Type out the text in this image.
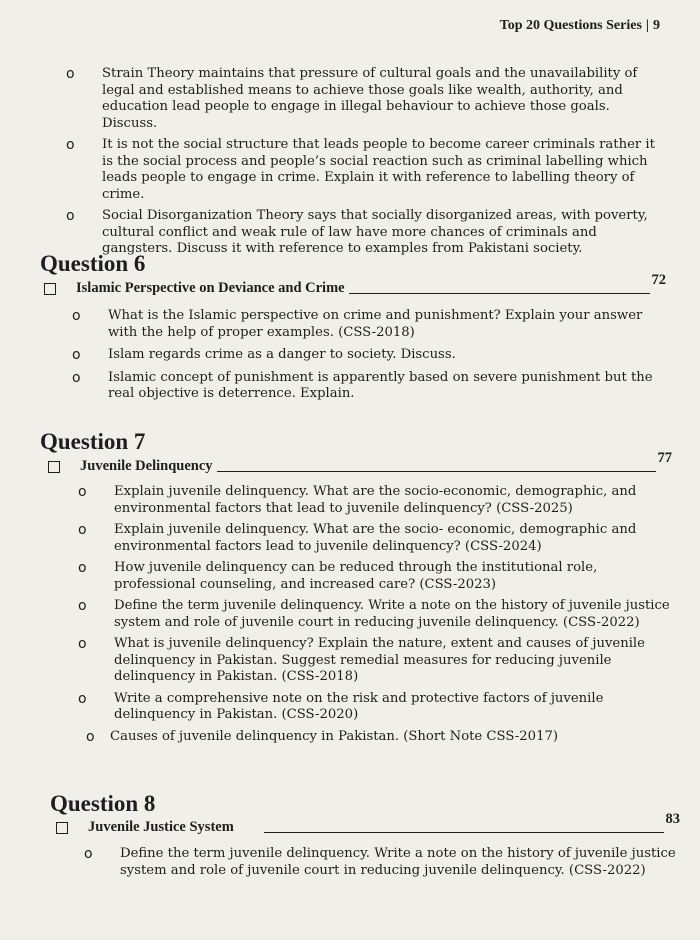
Top 20 Questions Series | 9
o Strain Theory maintains that pressure of cultural goals and the unavailability of legal and established means to achieve those goals like wealth, authority, and education lead people to engage in illegal behaviour to achieve those goals. Discuss.
o It is not the social structure that leads people to become career criminals rather it is the social process and people’s social reaction such as criminal labelling which leads people to engage in crime. Explain it with reference to labelling theory of crime.
o Social Disorganization Theory says that socially disorganized areas, with poverty, cultural conflict and weak rule of law have more chances of criminals and gangsters. Discuss it with reference to examples from Pakistani society.
Question 6
Islamic Perspective on Deviance and Crime	72
o What is the Islamic perspective on crime and punishment? Explain your answer with the help of proper examples. (CSS-2018)
o Islam regards crime as a danger to society. Discuss.
o Islamic concept of punishment is apparently based on severe punishment but the real objective is deterrence. Explain.
Question 7
Juvenile Delinquency	77
o Explain juvenile delinquency. What are the socio-economic, demographic, and environmental factors that lead to juvenile delinquency? (CSS-2025)
o Explain juvenile delinquency. What are the socio- economic, demographic and environmental factors lead to juvenile delinquency? (CSS-2024)
o How juvenile delinquency can be reduced through the institutional role, professional counseling, and increased care? (CSS-2023)
o Define the term juvenile delinquency. Write a note on the history of juvenile justice system and role of juvenile court in reducing juvenile delinquency. (CSS-2022)
o What is juvenile delinquency? Explain the nature, extent and causes of juvenile delinquency in Pakistan. Suggest remedial measures for reducing juvenile delinquency in Pakistan. (CSS-2018)
o Write a comprehensive note on the risk and protective factors of juvenile delinquency in Pakistan. (CSS-2020)
o Causes of juvenile delinquency in Pakistan. (Short Note CSS-2017)
Question 8
Juvenile Justice System	83
o Define the term juvenile delinquency. Write a note on the history of juvenile justice system and role of juvenile court in reducing juvenile delinquency. (CSS-2022)
